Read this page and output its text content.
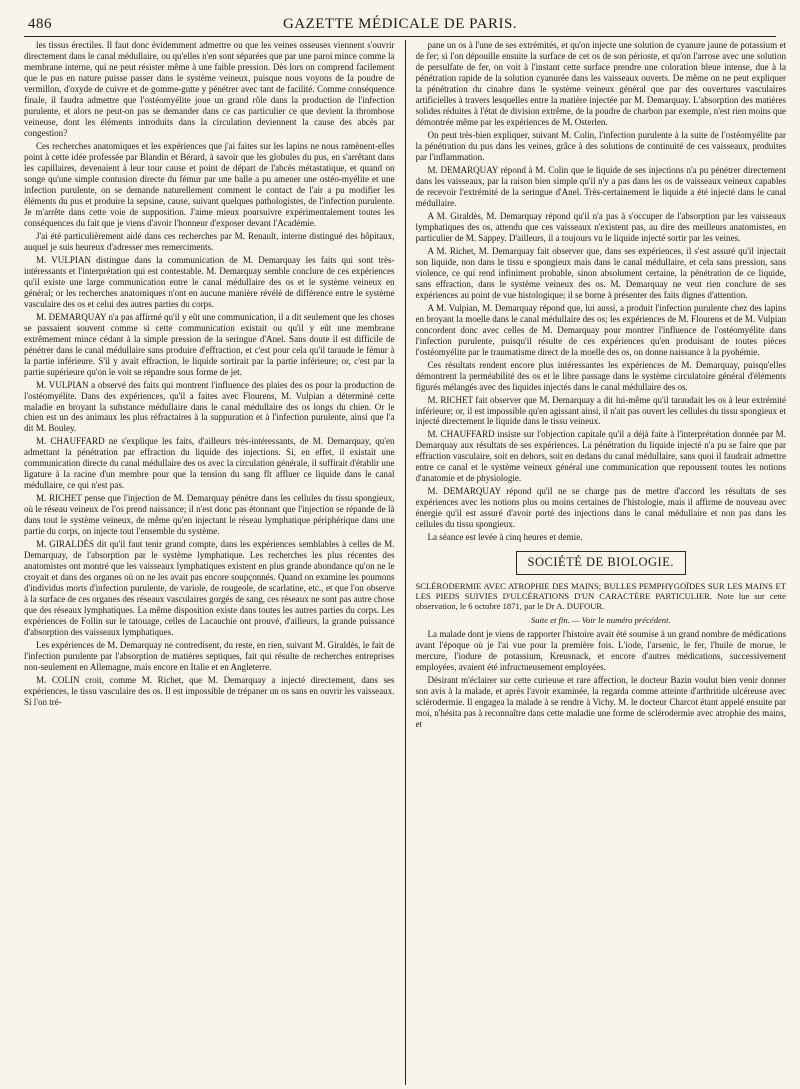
486	GAZETTE MÉDICALE DE PARIS.

les tissus érectiles. Il faut donc évidemment admettre ou que les veines osseuses viennent s'ouvrir directement dans le canal médullaire, ou qu'elles n'en sont séparées que par une paroi mince comme la membrane interne, qui ne peut résister même à une faible pression. Dès lors on comprend facilement que le pus en nature puisse passer dans le système veineux, puisque nous voyons de la poudre de vermillon, d'oxyde de cuivre et de gomme-gutte y pénétrer avec tant de facilité. Comme conséquence finale, il faudra admettre que l'ostéomyélite joue un grand rôle dans la production de l'infection purulente, et alors ne peut-on pas se demander dans ce cas particulier ce que devient la thrombose veineuse, dont les éléments introduits dans la circulation deviennent la cause des abcès par congestion?

Ces recherches anatomiques et les expériences que j'ai faites sur les lapins ne nous ramènent-elles point à cette idée professée par Blandin et Bérard, à savoir que les globules du pus, en s'arrêtant dans les capillaires, devenaient à leur tour cause et point de départ de l'abcès métastatique, et quand on songe qu'une simple contusion directe du fémur par une balle a pu amener une ostéo-myélite et une infection purulente, on se demande naturellement comment le contact de l'air a pu modifier les éléments du pus et produire la sepsine, cause, suivant quelques pathologistes, de l'infection purulente. Je m'arrête dans cette voie de supposition. J'aime mieux poursuivre expérimentalement toutes les conséquences du fait que je viens d'avoir l'honneur d'exposer devant l'Académie.

J'ai été particulièrement aidé dans ces recherches par M. Renault, interne distingué des hôpitaux, auquel je suis heureux d'adresser mes remerciments.

M. VULPIAN distingue dans la communication de M. Demarquay les faits qui sont très-intéressants et l'interprétation qui est contestable. M. Demarquay semble conclure de ces expériences qu'il existe une large communication entre le canal médullaire des os et le système veineux en général; or les recherches anatomiques n'ont en aucune manière révélé de différence entre le système vasculaire des os et celui des autres parties du corps.

M. DEMARQUAY n'a pas affirmé qu'il y eût une communication, il a dit seulement que les choses se passaient souvent comme si cette communication existait ou qu'il y eût une membrane extrêmement mince cédant à la simple pression de la seringue d'Anel. Sans doute il est difficile de pénétrer dans le canal médullaire sans produire d'effraction, et c'est pour cela qu'il taraude le fémur à la partie inférieure. S'il y avait effraction, le liquide sortirait par la partie inférieure; or, c'est par la partie supérieure qu'on le voit se répandre sous forme de jet.

M. VULPIAN a observé des faits qui montrent l'influence des plaies des os pour la production de l'ostéomyélite. Dans des expériences, qu'il a faites avec Flourens, M. Vulpian a déterminé cette maladie en broyant la substance médullaire dans le canal médullaire des os longs du chien. Or le chien est un des animaux les plus réfractaires à la suppuration et à l'infection purulente, ainsi que l'a dit M. Bouley.

M. CHAUFFARD ne s'explique les faits, d'ailleurs très-intéressants, de M. Demarquay, qu'en admettant la pénétration par effraction du liquide des injections. Si, en effet, il existait une communication directe du canal médullaire des os avec la circulation générale, il suffirait d'établir une ligature à la racine d'un membre pour que la tension du sang fît affluer ce liquide dans le canal médullaire, ce qui n'est pas.

M. RICHET pense que l'injection de M. Demarquay pénètre dans les cellules du tissu spongieux, où le réseau veineux de l'os prend naissance; il n'est donc pas étonnant que l'injection se répande de là dans tout le système veineux, de même qu'en injectant le réseau lymphatique périphérique dans une partie du corps, on injecte tout l'ensemble du système.

M. GIRALDÈS dit qu'il faut tenir grand compte, dans les expériences semblables à celles de M. Demarquay, de l'absorption par le système lymphatique. Les recherches les plus récentes des anatomistes ont montré que les vaisseaux lymphatiques existent en plus grande abondance qu'on ne le croyait et dans des organes où on ne les avait pas encore soupçonnés. Quand on examine les poumons d'individus morts d'infection purulente, de variole, de rougeole, de scarlatine, etc., et que l'on observe à la surface de ces organes des réseaux vasculaires gorgés de sang, ces réseaux ne sont pas autre chose que des réseaux lymphatiques. La même disposition existe dans toutes les autres parties du corps. Les expériences de Follin sur le tatouage, celles de Lacauchie ont prouvé, d'ailleurs, la grande puissance d'absorption des vaisseaux lymphatiques.

Les expériences de M. Demarquay ne contredisent, du reste, en rien, suivant M. Giraldès, le fait de l'infection purulente par l'absorption de matières septiques, fait qui résulte de recherches entreprises non-seulement en Allemagne, mais encore en Italie et en Angleterre.

M. COLIN croit, comme M. Richet, que M. Demarquay a injecté directement, dans ses expériences, le tissu vasculaire des os. Il est impossible de trépaner un os sans en ouvrir les vaisseaux. Si l'on tré-

pane un os à l'une de ses extrémités, et qu'on injecte une solution de cyanure jaune de potassium et de fer; si l'on dépouille ensuite la surface de cet os de son périoste, et qu'on l'arrose avec une solution de persulfate de fer, on voit à l'instant cette surface prendre une coloration bleue intense, due à la pénétration rapide de la solution cyanurée dans les vaisseaux ouverts. De même on ne peut expliquer la pénétration du cinabre dans le système veineux général que par des ouvertures vasculaires artificielles à travers lesquelles entre la matière injectée par M. Demarquay. L'absorption des matières solides réduites à l'état de division extrême, de la poudre de charbon par exemple, n'est rien moins que démontrée même par les expériences de M. Osterlen.

On peut très-bien expliquer, suivant M. Colin, l'infection purulente à la suite de l'ostéomyélite par la pénétration du pus dans les veines, grâce à des solutions de continuité de ces vaisseaux, produites par l'inflammation.

M. DEMARQUAY répond à M. Colin que le liquide de ses injections n'a pu pénétrer directement dans les vaisseaux, par la raison bien simple qu'il n'y a pas dans les os de vaisseaux veineux capables de recevoir l'extrémité de la seringue d'Anel. Très-certainement le liquide a été injecté dans le canal médullaire.

A M. Giraldès, M. Demarquay répond qu'il n'a pas à s'occuper de l'absorption par les vaisseaux lymphatiques des os, attendu que ces vaisseaux n'existent pas, au dire des meilleurs anatomistes, en particulier de M. Sappey. D'ailleurs, il a toujours vu le liquide injecté sortir par les veines.

A M. Richet, M. Demarquay fait observer que, dans ses expériences, il s'est assuré qu'il injectait son liquide, non dans le tissu e spongieux mais dans le canal médullaire, et cela sans pression, sans violence, ce qui rend infiniment probable, sinon absolument certaine, la pénétration de ce liquide, sans effraction, dans le système veineux des os. M. Demarquay ne veut rien conclure de ses expériences au point de vue histologique; il se borne à présenter des faits dignes d'attention.

A M. Vulpian, M. Demarquay répond que, lui aussi, a produit l'infection purulente chez des lapins en broyant la moelle dans le canal médullaire des os; les expériences de M. Flourens et de M. Vulpian concordent donc avec celles de M. Demarquay pour montrer l'influence de l'ostéomyélite dans l'infection purulente, puisqu'il résulte de ces expériences qu'en produisant de toutes pièces l'ostéomyélite par le traumatisme direct de la moelle des os, on donne naissance à la pyohémie.

Ces résultats rendent encore plus intéressantes les expériences de M. Demarquay, puisqu'elles démontrent la perméabilité des os et le libre passage dans le système circulatoire général d'éléments figurés mélangés avec des liquides injectés dans le canal médullaire des os.

M. RICHET fait observer que M. Demarquay a dit lui-même qu'il taraudait les os à leur extrémité inférieure; or, il est impossible qu'en agissant ainsi, il n'ait pas ouvert les cellules du tissu spongieux et injecté directement le liquide dans le tissu veineux.

M. CHAUFFARD insiste sur l'objection capitale qu'il a déjà faite à l'interprétation donnée par M. Demarquay aux résultats de ses expériences. La pénétration du liquide injecté n'a pu se faire que par effraction vasculaire, soit en dehors, soit en dedans du canal médullaire, sans quoi il faudrait admettre entre ce canal et le système veineux général une communication que repoussent toutes les notions d'anatomie et de physiologie.

M. DEMARQUAY répond qu'il ne se charge pas de mettre d'accord les résultats de ses expériences avec les notions plus ou moins certaines de l'histologie, mais il affirme de nouveau avec énergie qu'il est assuré d'avoir porté des injections dans le canal médullaire et non pas dans les cellules du tissu spongieux.

La séance est levée à cinq heures et demie.

SOCIÉTÉ DE BIOLOGIE.

SCLÉRODERMIE AVEC ATROPHIE DES MAINS; BULLES PEMPHYGOÏDES SUR LES MAINS ET LES PIEDS SUIVIES D'ULCÉRATIONS D'UN CARACTÈRE PARTICULIER. Note lue sur cette observation, le 6 octobre 1871, par le Dr A. DUFOUR.

Suite et fin. — Voir le numéro précédent.

La malade dont je viens de rapporter l'histoire avait été soumise à un grand nombre de médications avant l'époque où je l'ai vue pour la première fois. L'iode, l'arsenic, le fer, l'huile de morue, le mercure, l'iodure de potassium, Kreusnack, et encore d'autres médications, successivement employées, avaient été infructueusement employées.

Désirant m'éclairer sur cette curieuse et rare affection, le docteur Bazin voulut bien venir donner son avis à la malade, et après l'avoir examinée, la regarda comme atteinte d'arthritide ulcéreuse avec sclérodermie. Il engagea la malade à se rendre à Vichy. M. le docteur Charcot étant appelé ensuite par moi, n'hésita pas à reconnaître dans cette maladie une forme de sclérodermie avec atrophie des mains, et
